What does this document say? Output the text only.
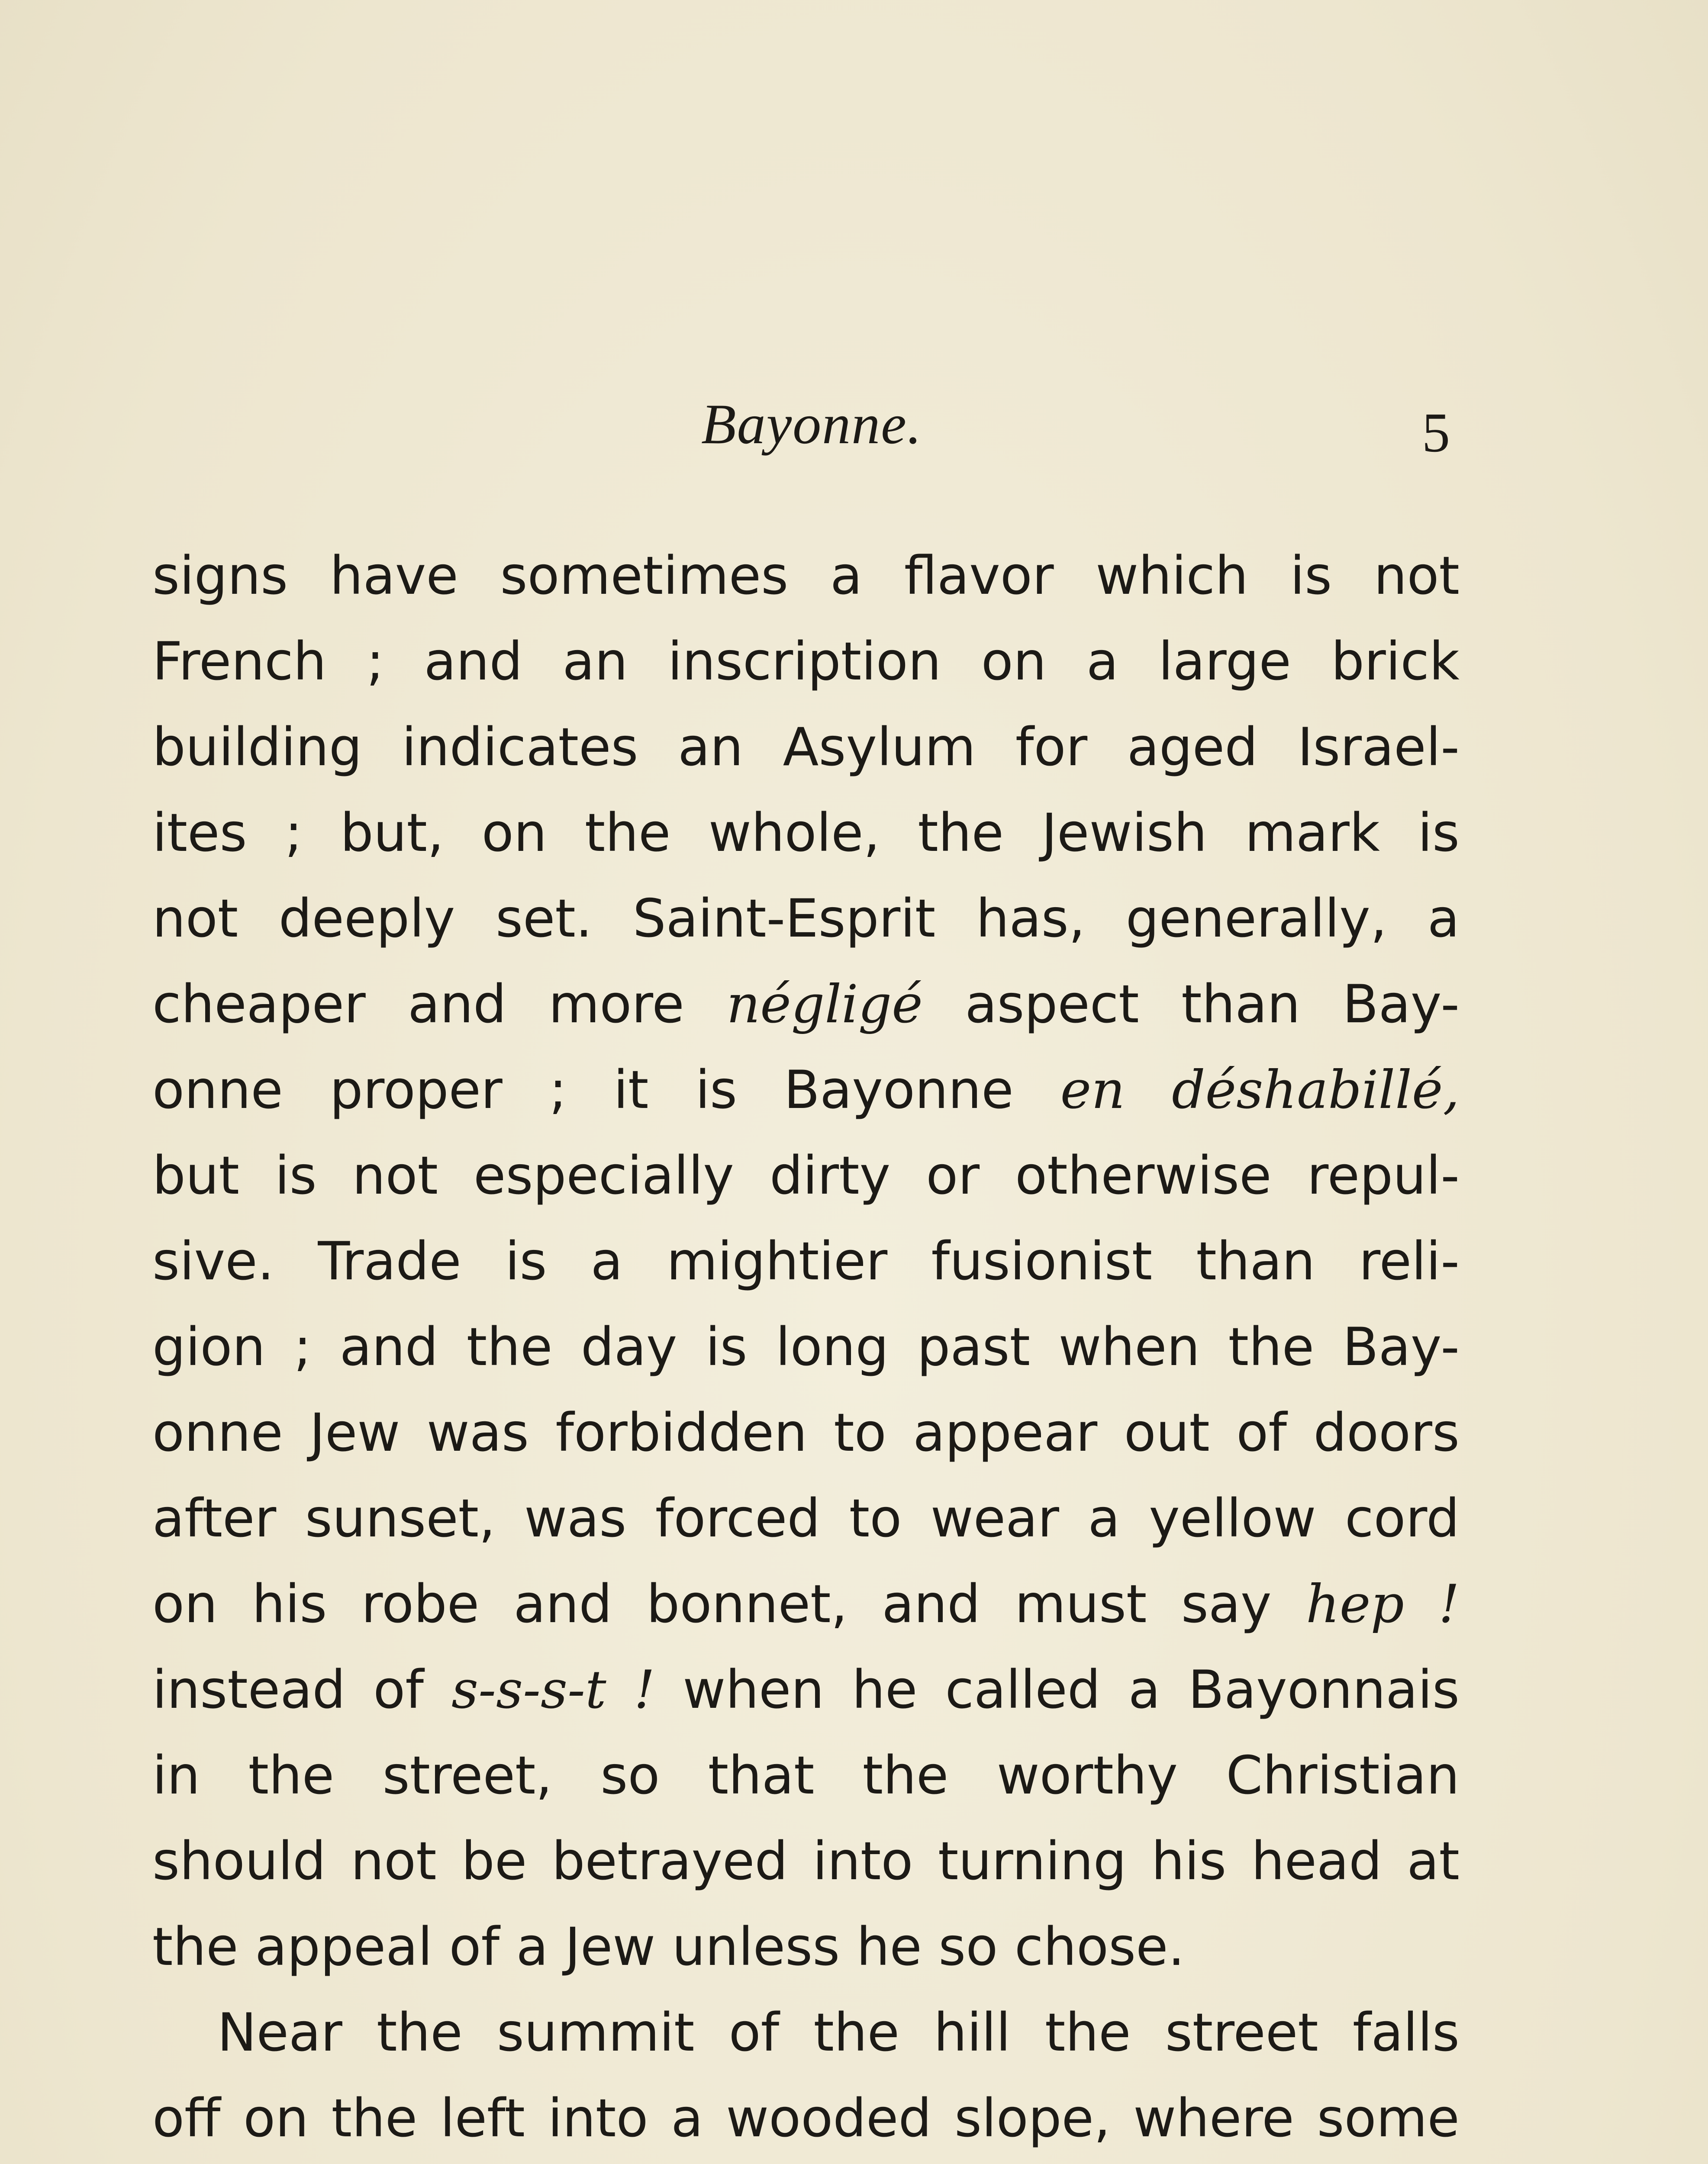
Bayonne.	5
signs have sometimes a flavor which is not
French ; and an inscription on a large brick
building indicates an Asylum for aged Israel-
ites ; but, on the whole, the Jewish mark is
not deeply set. Saint-Esprit has, generally, a
cheaper and more négligé aspect than Bay-
onne proper ; it is Bayonne en déshabillé,
but is not especially dirty or otherwise repul-
sive. Trade is a mightier fusionist than reli-
gion ; and the day is long past when the Bay-
onne Jew was forbidden to appear out of doors
after sunset, was forced to wear a yellow cord
on his robe and bonnet, and must say hep !
instead of s-s-s-t ! when he called a Bayonnais
in the street, so that the worthy Christian
should not be betrayed into turning his head at
the appeal of a Jew unless he so chose.
Near the summit of the hill the street falls
off on the left into a wooded slope, where some
